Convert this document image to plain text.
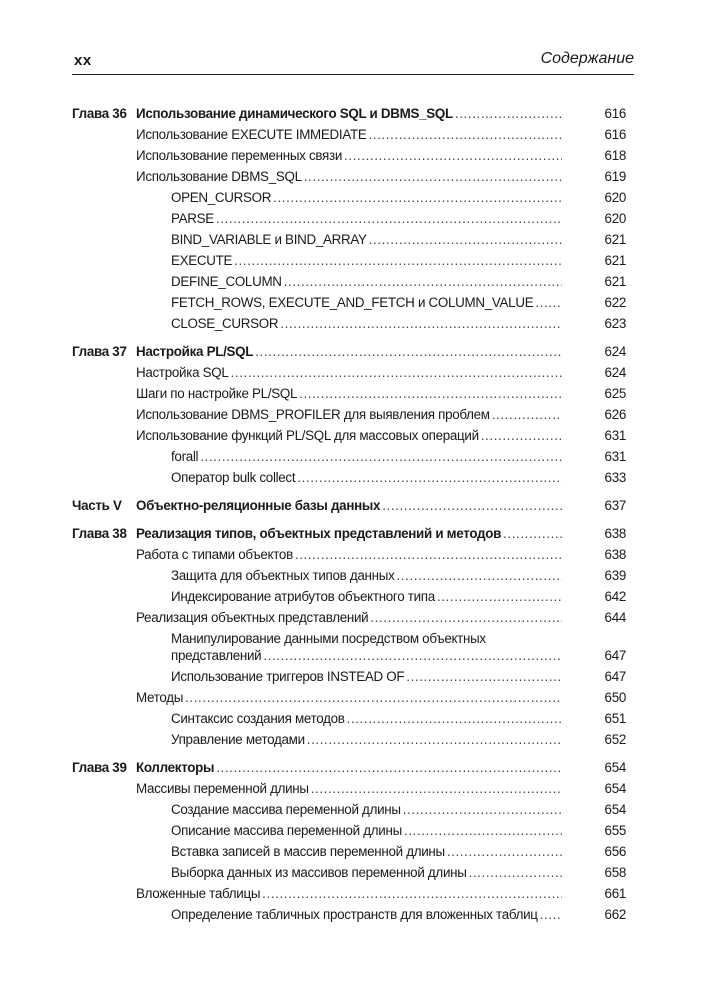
xx	Содержание
Глава 36 Использование динамического SQL и DBMS_SQL .....	616
Использование EXECUTE IMMEDIATE .....	616
Использование переменных связи .....	618
Использование DBMS_SQL .....	619
OPEN_CURSOR .....	620
PARSE .....	620
BIND_VARIABLE и BIND_ARRAY .....	621
EXECUTE .....	621
DEFINE_COLUMN .....	621
FETCH_ROWS, EXECUTE_AND_FETCH и COLUMN_VALUE .....	622
CLOSE_CURSOR .....	623
Глава 37 Настройка PL/SQL .....	624
Настройка SQL .....	624
Шаги по настройке PL/SQL .....	625
Использование DBMS_PROFILER для выявления проблем .....	626
Использование функций PL/SQL для массовых операций .....	631
forall .....	631
Оператор bulk collect .....	633
Часть V Объектно-реляционные базы данных .....	637
Глава 38 Реализация типов, объектных представлений и методов .....	638
Работа с типами объектов .....	638
Защита для объектных типов данных .....	639
Индексирование атрибутов объектного типа .....	642
Реализация объектных представлений .....	644
Манипулирование данными посредством объектных
представлений .....	647
Использование триггеров INSTEAD OF .....	647
Методы .....	650
Синтаксис создания методов .....	651
Управление методами .....	652
Глава 39 Коллекторы .....	654
Массивы переменной длины .....	654
Создание массива переменной длины .....	654
Описание массива переменной длины .....	655
Вставка записей в массив переменной длины .....	656
Выборка данных из массивов переменной длины .....	658
Вложенные таблицы .....	661
Определение табличных пространств для вложенных таблиц .....	662
